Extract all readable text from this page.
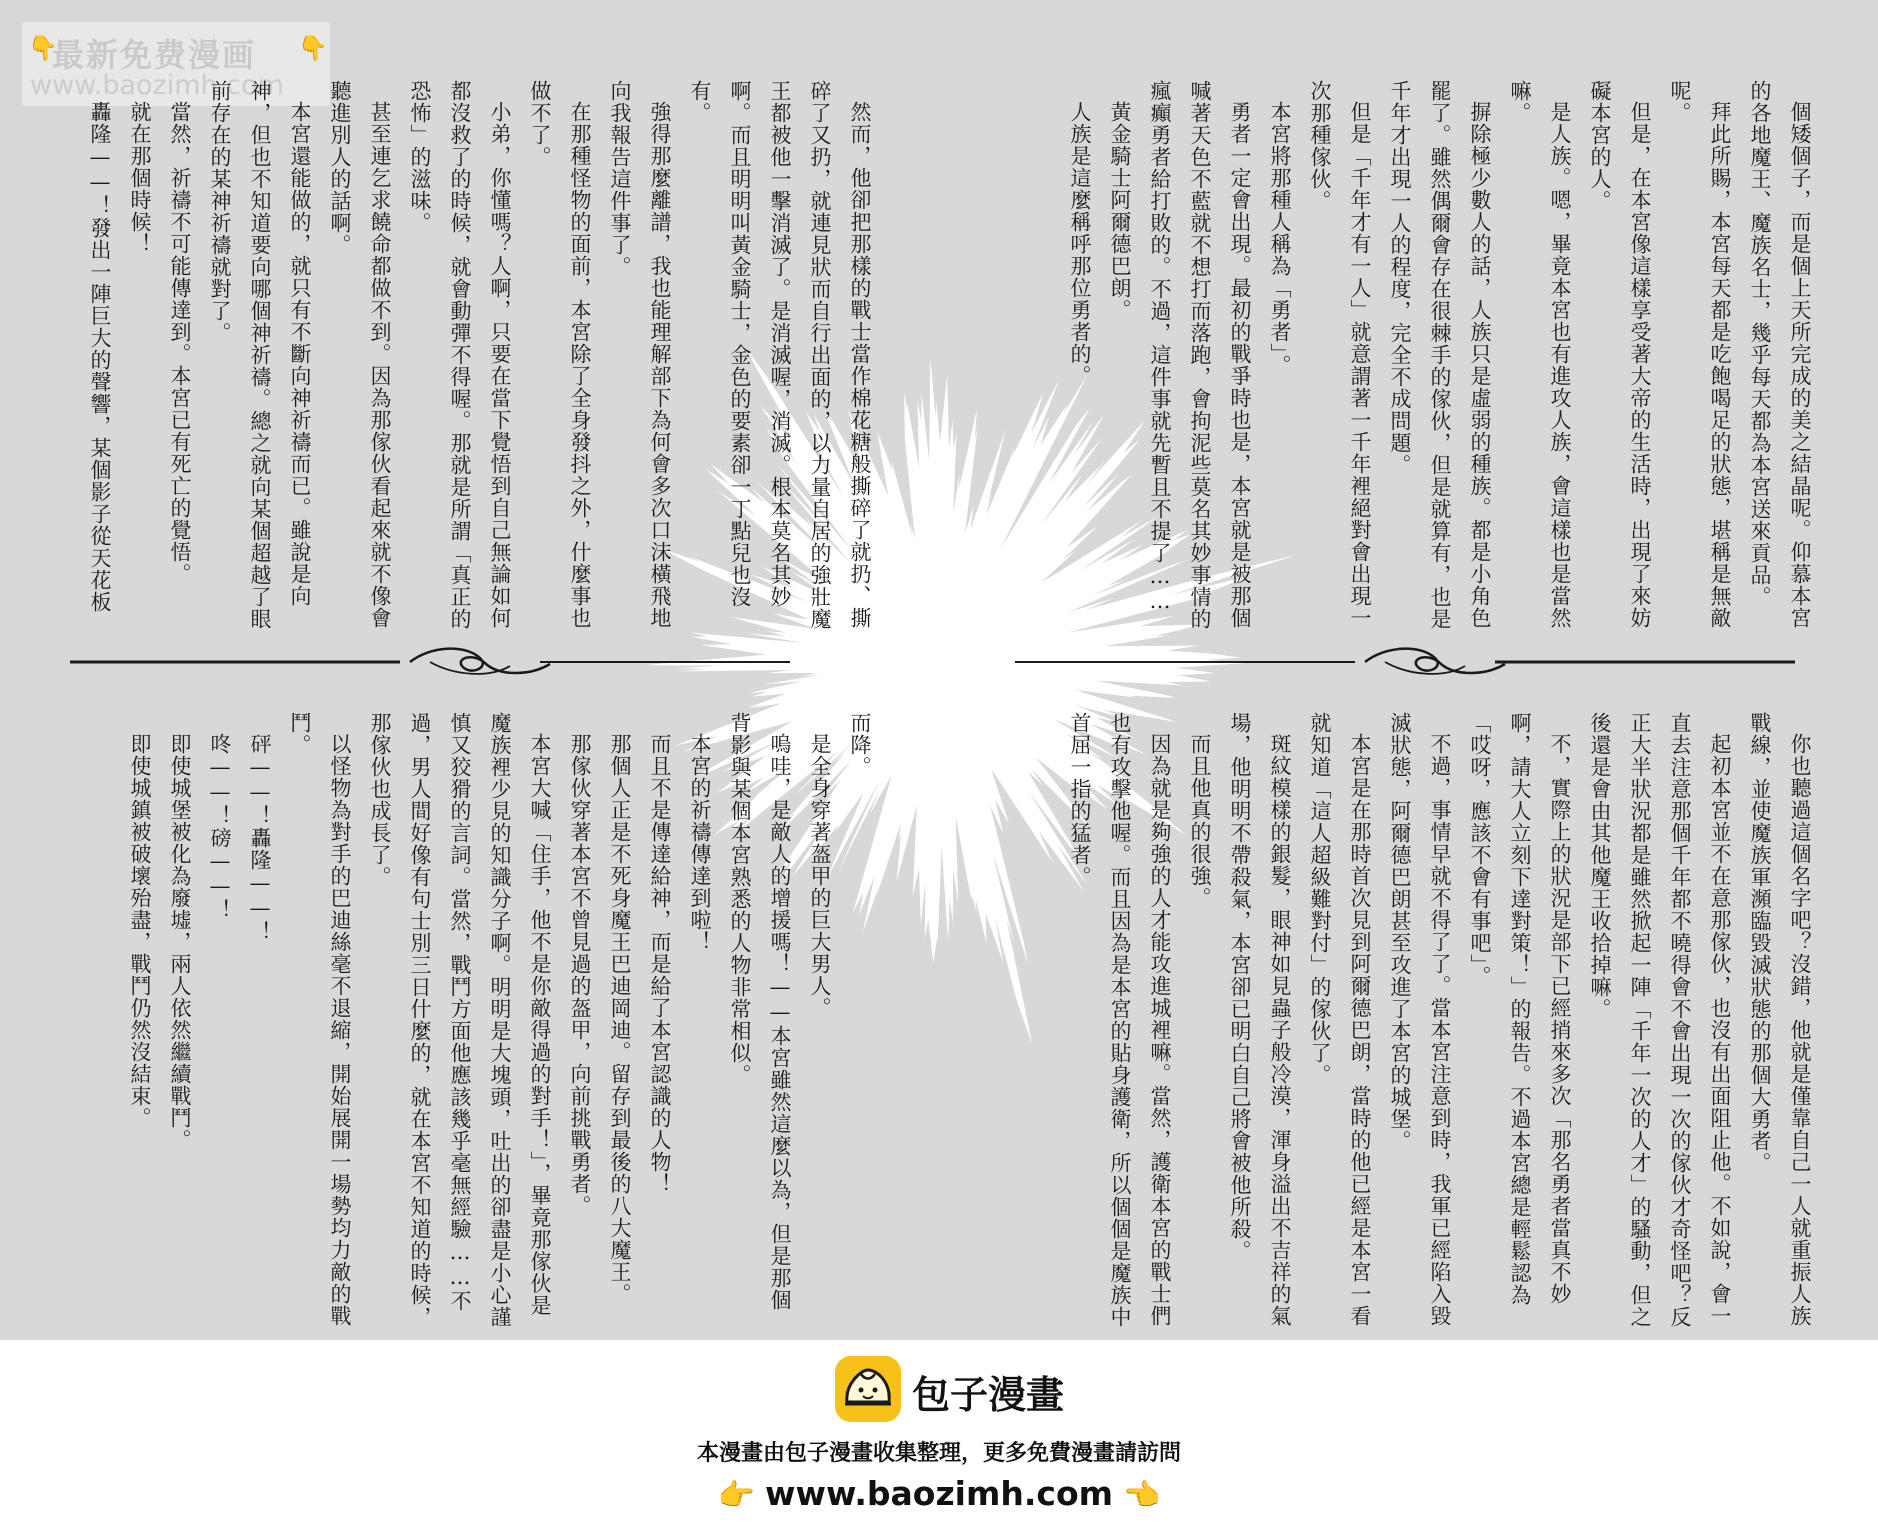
👇
最新免费漫画 👇
www.baozimh.com

個矮個子，而是個上天所完成的美之結晶呢。仰慕本宮的各地魔王、魔族名士，幾乎每天都為本宮送來貢品。

拜此所賜，本宮每天都是吃飽喝足的狀態，堪稱是無敵呢。

但是，在本宮像這樣享受著大帝的生活時，出現了來妨礙本宮的人。

是人族。嗯，畢竟本宮也有進攻人族，會這樣也是當然嘛。

摒除極少數人的話，人族只是虛弱的種族。都是小角色罷了。雖然偶爾會存在很棘手的傢伙，但是就算有，也是千年才出現一人的程度，完全不成問題。

但是「千年才有一人」就意謂著一千年裡絕對會出現一次那種傢伙。

本宮將那種人稱為「勇者」。

勇者一定會出現。最初的戰爭時也是，本宮就是被那個喊著天色不藍就不想打而落跑，會拘泥些莫名其妙事情的瘋癲勇者給打敗的。不過，這件事就先暫且不提了……

黃金騎士阿爾德巴朗。

人族是這麼稱呼那位勇者的。

然而，他卻把那樣的戰士當作棉花糖般撕碎了就扔、撕碎了又扔，就連見狀而自行出面的，以力量自居的強壯魔王都被他一擊消滅了。是消滅喔，消滅。根本莫名其妙啊。而且明明叫黃金騎士，金色的要素卻一丁點兒也沒有。

強得那麼離譜，我也能理解部下為何會多次口沫橫飛地向我報告這件事了。

在那種怪物的面前，本宮除了全身發抖之外，什麼事也做不了。

小弟，你懂嗎？人啊，只要在當下覺悟到自己無論如何都沒救了的時候，就會動彈不得喔。那就是所謂「真正的恐怖」的滋味。

甚至連乞求饒命都做不到。因為那傢伙看起來就不像會聽進別人的話啊。

本宮還能做的，就只有不斷向神祈禱而已。雖說是向神，但也不知道要向哪個神祈禱。總之就向某個超越了眼前存在的某神祈禱就對了。

當然，祈禱不可能傳達到。本宮已有死亡的覺悟。

就在那個時候！

轟隆——！發出一陣巨大的聲響，某個影子從天花板

你也聽過這個名字吧？沒錯，他就是僅靠自己一人就重振人族戰線，並使魔族軍瀕臨毀滅狀態的那個大勇者。

起初本宮並不在意那傢伙，也沒有出面阻止他。不如說，會一直去注意那個千年都不曉得會不會出現一次的傢伙才奇怪吧？反正大半狀況都是雖然掀起一陣「千年一次的人才」的騷動，但之後還是會由其他魔王收拾掉嘛。

不，實際上的狀況是部下已經捎來多次「那名勇者當真不妙啊，請大人立刻下達對策！」的報告。不過本宮總是輕鬆認為「哎呀，應該不會有事吧」。

不過，事情早就不得了了。當本宮注意到時，我軍已經陷入毀滅狀態，阿爾德巴朗甚至攻進了本宮的城堡。

本宮是在那時首次見到阿爾德巴朗，當時的他已經是本宮一看就知道「這人超級難對付」的傢伙了。

斑紋模樣的銀髮，眼神如見蟲子般冷漠，渾身溢出不吉祥的氣場，他明明不帶殺氣，本宮卻已明白自己將會被他所殺。

而且他真的很強。

因為就是夠強的人才能攻進城裡嘛。當然，護衛本宮的戰士們也有攻擊他喔。而且因為是本宮的貼身護衛，所以個個是魔族中首屈一指的猛者。

而降。

是全身穿著盔甲的巨大男人。

嗚哇，是敵人的增援嗎！——本宮雖然這麼以為，但是那個背影與某個本宮熟悉的人物非常相似。

本宮的祈禱傳達到啦！

而且不是傳達給神，而是給了本宮認識的人物！

那個人正是不死身魔王巴迪岡迪。留存到最後的八大魔王。

那傢伙穿著本宮不曾見過的盔甲，向前挑戰勇者。

本宮大喊「住手，他不是你敵得過的對手！」，畢竟那傢伙是魔族裡少見的知識分子啊。明明是大塊頭，吐出的卻盡是小心謹慎又狡猾的言詞。當然，戰鬥方面他應該幾乎毫無經驗……不過，男人間好像有句士別三日什麼的，就在本宮不知道的時候，那傢伙也成長了。

以怪物為對手的巴迪絲毫不退縮，開始展開一場勢均力敵的戰鬥。

砰——！轟隆——！

咚——！磅——！

即使城堡被化為廢墟，兩人依然繼續戰鬥。

即使城鎮被破壞殆盡，戰鬥仍然沒結束。

包子漫畫
本漫畫由包子漫畫收集整理，更多免費漫畫請訪問
👉 www.baozimh.com 👈
